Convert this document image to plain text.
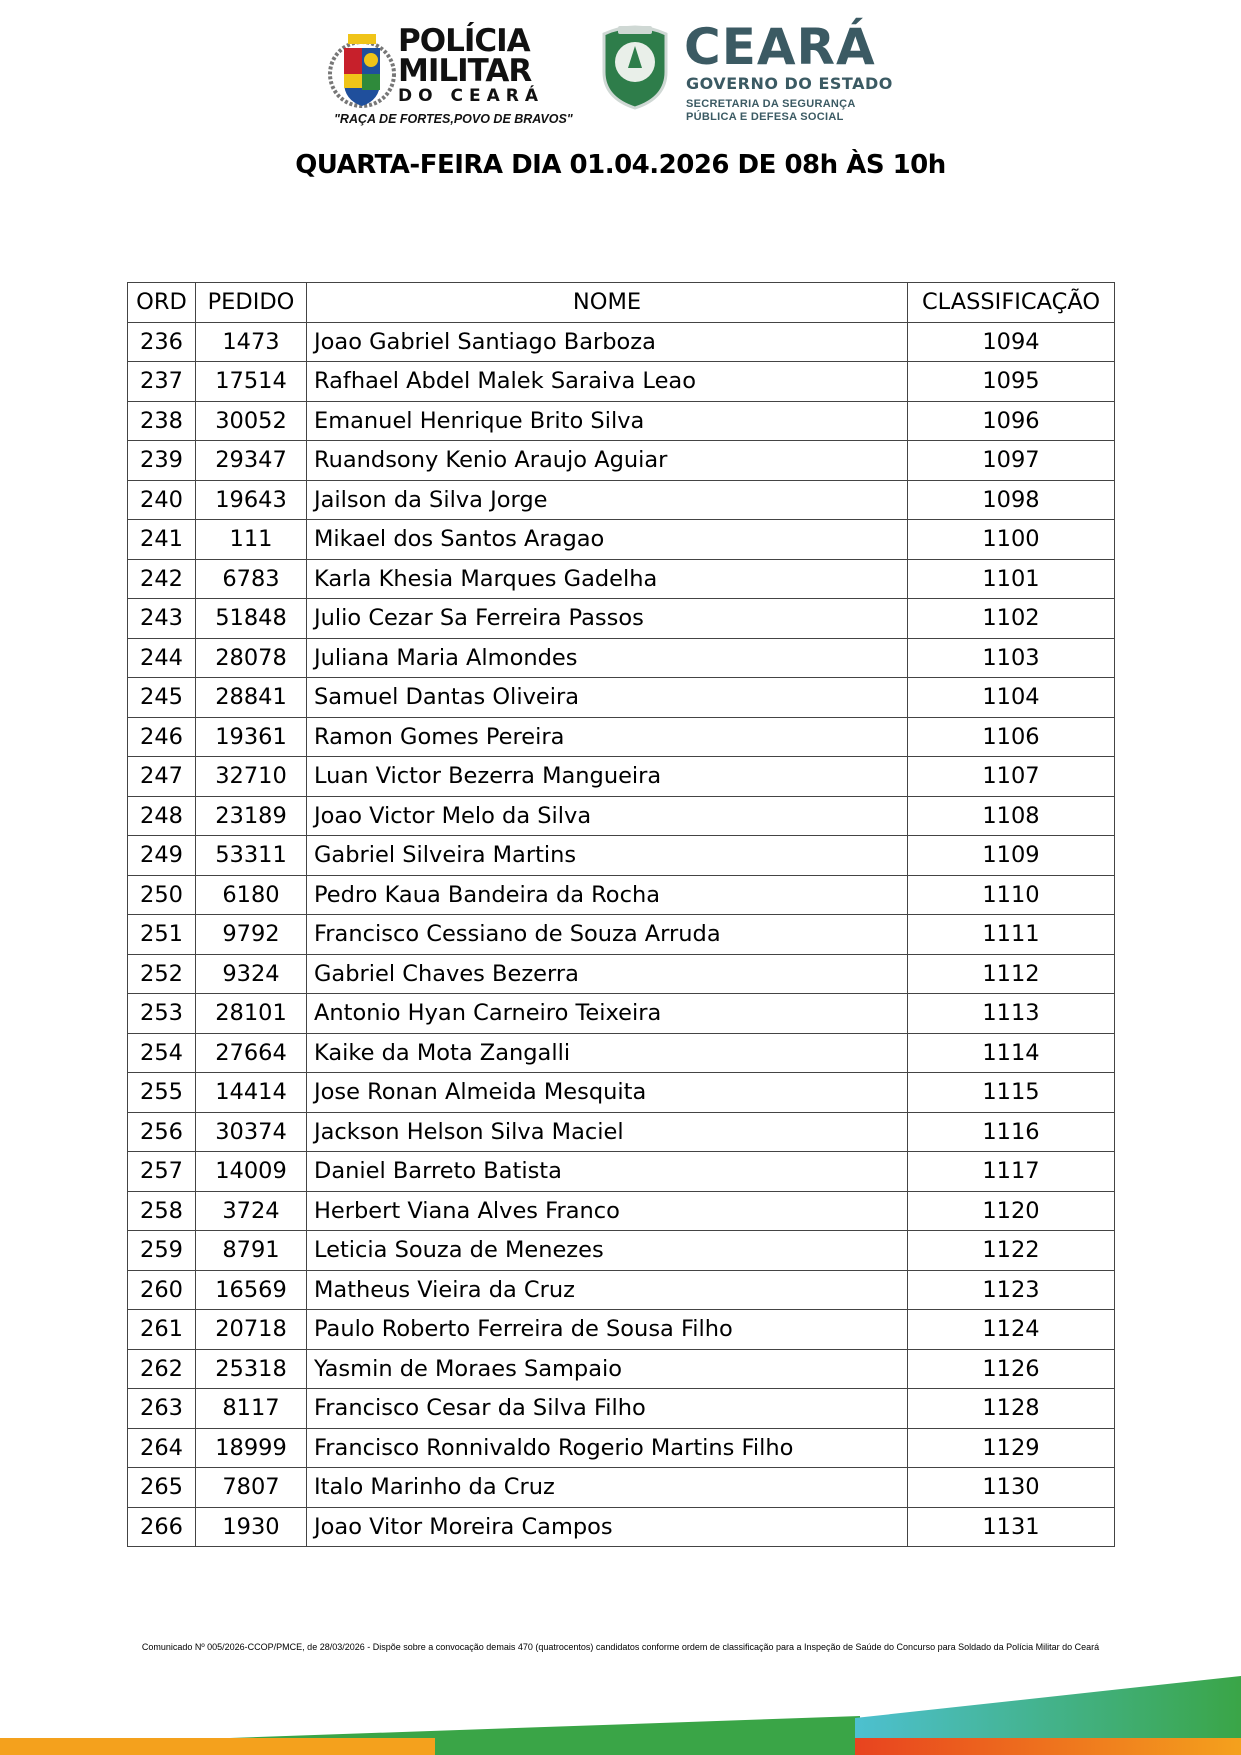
POLÍCIA
MILITAR
DO CEARÁ
"RAÇA DE FORTES,POVO DE BRAVOS"
CEARÁ
GOVERNO DO ESTADO
SECRETARIA DA SEGURANÇA
PÚBLICA E DEFESA SOCIAL
QUARTA-FEIRA DIA 01.04.2026 DE 08h ÀS 10h
ORD	PEDIDO	NOME	CLASSIFICAÇÃO
236	1473	Joao Gabriel Santiago Barboza	1094
237	17514	Rafhael Abdel Malek Saraiva Leao	1095
238	30052	Emanuel Henrique Brito Silva	1096
239	29347	Ruandsony Kenio Araujo Aguiar	1097
240	19643	Jailson da Silva Jorge	1098
241	111	Mikael dos Santos Aragao	1100
242	6783	Karla Khesia Marques Gadelha	1101
243	51848	Julio Cezar Sa Ferreira Passos	1102
244	28078	Juliana Maria Almondes	1103
245	28841	Samuel Dantas Oliveira	1104
246	19361	Ramon Gomes Pereira	1106
247	32710	Luan Victor Bezerra Mangueira	1107
248	23189	Joao Victor Melo da Silva	1108
249	53311	Gabriel Silveira Martins	1109
250	6180	Pedro Kaua Bandeira da Rocha	1110
251	9792	Francisco Cessiano de Souza Arruda	1111
252	9324	Gabriel Chaves Bezerra	1112
253	28101	Antonio Hyan Carneiro Teixeira	1113
254	27664	Kaike da Mota Zangalli	1114
255	14414	Jose Ronan Almeida Mesquita	1115
256	30374	Jackson Helson Silva Maciel	1116
257	14009	Daniel Barreto Batista	1117
258	3724	Herbert Viana Alves Franco	1120
259	8791	Leticia Souza de Menezes	1122
260	16569	Matheus Vieira da Cruz	1123
261	20718	Paulo Roberto Ferreira de Sousa Filho	1124
262	25318	Yasmin de Moraes Sampaio	1126
263	8117	Francisco Cesar da Silva Filho	1128
264	18999	Francisco Ronnivaldo Rogerio Martins Filho	1129
265	7807	Italo Marinho da Cruz	1130
266	1930	Joao Vitor Moreira Campos	1131
Comunicado Nº 005/2026-CCOP/PMCE, de 28/03/2026 - Dispõe sobre a convocação demais 470 (quatrocentos) candidatos conforme ordem de classificação para a Inspeção de Saúde do Concurso para Soldado da Polícia Militar do Ceará
